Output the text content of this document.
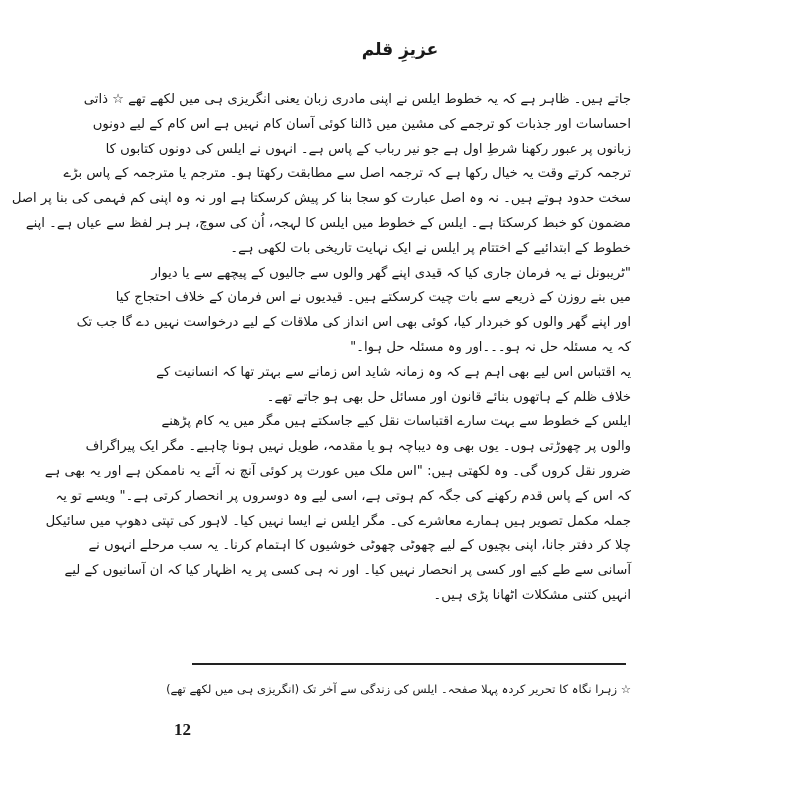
عزیزِ قلم
جاتے ہیں۔ ظاہر ہے کہ یہ خطوط ایلس نے اپنی مادری زبان یعنی انگریزی ہی میں لکھے تھے ☆ ذاتی
احساسات اور جذبات کو ترجمے کی مشین میں ڈالنا کوئی آسان کام نہیں ہے اس کام کے لیے دونوں
زبانوں پر عبور رکھنا شرطِ اول ہے جو نیر رباب کے پاس ہے۔ انہوں نے ایلس کی دونوں کتابوں کا
ترجمہ کرتے وقت یہ خیال رکھا ہے کہ ترجمہ اصل سے مطابقت رکھتا ہو۔ مترجم یا مترجمہ کے پاس بڑے
سخت حدود ہوتے ہیں۔ نہ وہ اصل عبارت کو سجا بنا کر پیش کرسکتا ہے اور نہ وہ اپنی کم فہمی کی بنا پر اصل
مضمون کو خبط کرسکتا ہے۔ ایلس کے خطوط میں ایلس کا لہجہ، اُن کی سوچ، ہر ہر لفظ سے عیاں ہے۔ اپنے
خطوط کے ابتدائیے کے اختتام پر ایلس نے ایک نہایت تاریخی بات لکھی ہے۔
"ٹریبونل نے یہ فرمان جاری کیا کہ قیدی اپنے گھر والوں سے جالیوں کے پیچھے سے یا دیوار
میں بنے روزن کے ذریعے سے بات چیت کرسکتے ہیں۔ قیدیوں نے اس فرمان کے خلاف احتجاج کیا
اور اپنے گھر والوں کو خبردار کیا، کوئی بھی اس انداز کی ملاقات کے لیے درخواست نہیں دے گا جب تک
کہ یہ مسئلہ حل نہ ہو۔۔۔اور وہ مسئلہ حل ہوا۔"
یہ اقتباس اس لیے بھی اہم ہے کہ وہ زمانہ شاید اس زمانے سے بہتر تھا کہ انسانیت کے
خلاف ظلم کے ہاتھوں بنائے قانون اور مسائل حل بھی ہو جاتے تھے۔
ایلس کے خطوط سے بہت سارے اقتباسات نقل کیے جاسکتے ہیں مگر میں یہ کام پڑھنے
والوں پر چھوڑتی ہوں۔ یوں بھی وہ دیباچہ ہو یا مقدمہ، طویل نہیں ہونا چاہیے۔ مگر ایک پیراگراف
ضرور نقل کروں گی۔ وہ لکھتی ہیں: "اس ملک میں عورت پر کوئی آنچ نہ آئے یہ ناممکن ہے اور یہ بھی ہے
کہ اس کے پاس قدم رکھنے کی جگہ کم ہوتی ہے، اسی لیے وہ دوسروں پر انحصار کرتی ہے۔" ویسے تو یہ
جملہ مکمل تصویر ہیں ہمارے معاشرے کی۔ مگر ایلس نے ایسا نہیں کیا۔ لاہور کی تپتی دھوپ میں سائیکل
چلا کر دفتر جانا، اپنی بچیوں کے لیے چھوٹی چھوٹی خوشیوں کا اہتمام کرنا۔ یہ سب مرحلے انہوں نے
آسانی سے طے کیے اور کسی پر انحصار نہیں کیا۔ اور نہ ہی کسی پر یہ اظہار کیا کہ ان آسانیوں کے لیے
انہیں کتنی مشکلات اٹھانا پڑی ہیں۔
☆ زہرا نگاہ کا تحریر کردہ پہلا صفحہ۔ ایلس کی زندگی سے آخر تک (انگریزی ہی میں لکھے تھے)
12
